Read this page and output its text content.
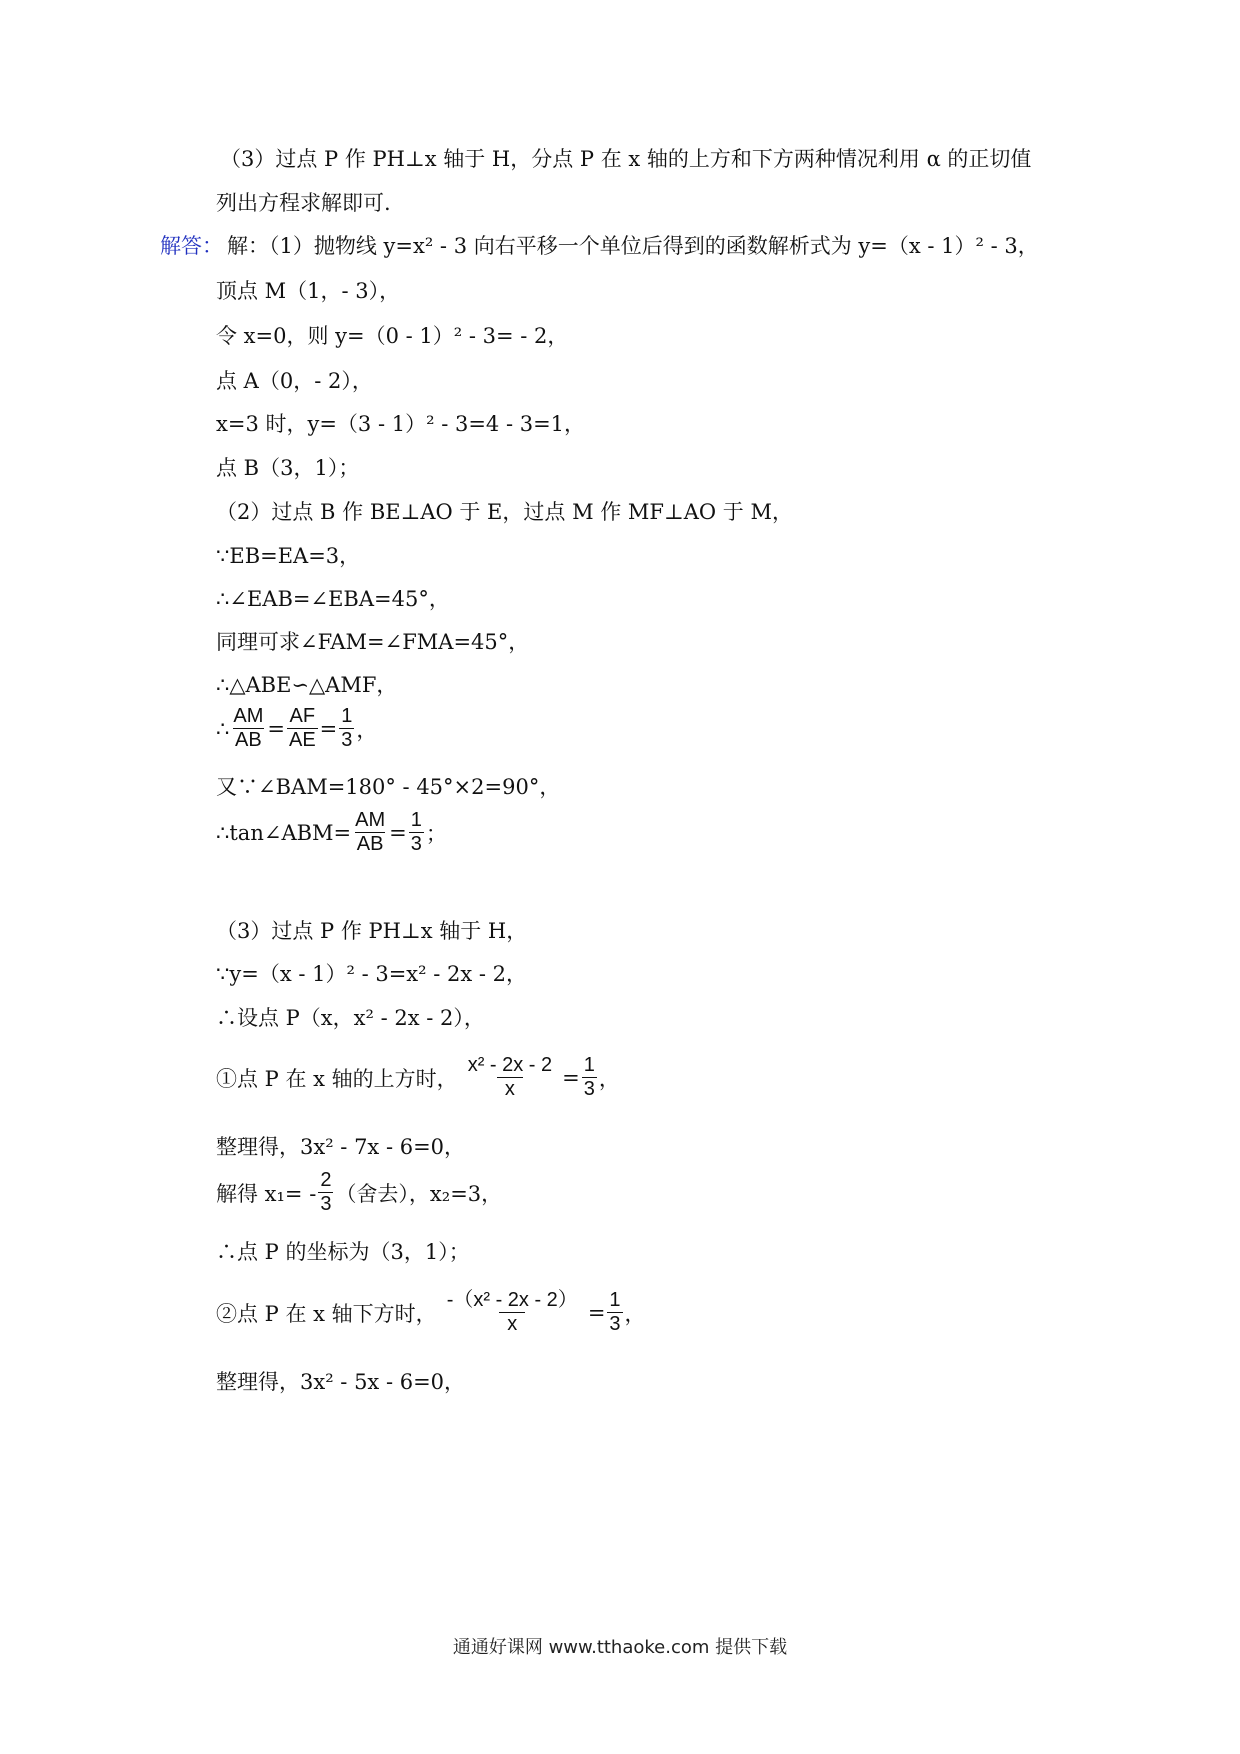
（3）过点 P 作 PH⊥x 轴于 H，分点 P 在 x 轴的上方和下方两种情况利用 α 的正切值
列出方程求解即可.
解答： 解：（1）抛物线 y=x² - 3 向右平移一个单位后得到的函数解析式为 y=（x - 1）² - 3，
顶点 M（1，- 3），
令 x=0，则 y=（0 - 1）² - 3= - 2，
点 A（0，- 2），
x=3 时，y=（3 - 1）² - 3=4 - 3=1，
点 B（3，1）；
（2）过点 B 作 BE⊥AO 于 E，过点 M 作 MF⊥AO 于 M，
∵EB=EA=3，
∴∠EAB=∠EBA=45°，
同理可求∠FAM=∠FMA=45°，
∴△ABE∽△AMF，
∴ $\frac{AM}{AB} = \frac{AF}{AE} = \frac{1}{3}$ ，
又∵∠BAM=180° - 45°×2=90°，
∴tan∠ABM= $\frac{AM}{AB} = \frac{1}{3}$ ；
（3）过点 P 作 PH⊥x 轴于 H，
∵y=（x - 1）² - 3=x² - 2x - 2，
∴设点 P（x，x² - 2x - 2），
①点 P 在 x 轴的上方时， $\frac{\text{x² - 2x - 2}}{x} = \frac{1}{3}$ ，
整理得，3x² - 7x - 6=0，
解得 $x_1= - \frac{2}{3}$ （舍去），x₂=3，
∴点 P 的坐标为（3，1）；
②点 P 在 x 轴下方时， $\frac{\text{-（x² - 2x - 2）}}{x} = \frac{1}{3}$ ，
整理得，3x² - 5x - 6=0，
通通好课网 www.tthaoke.com 提供下载
